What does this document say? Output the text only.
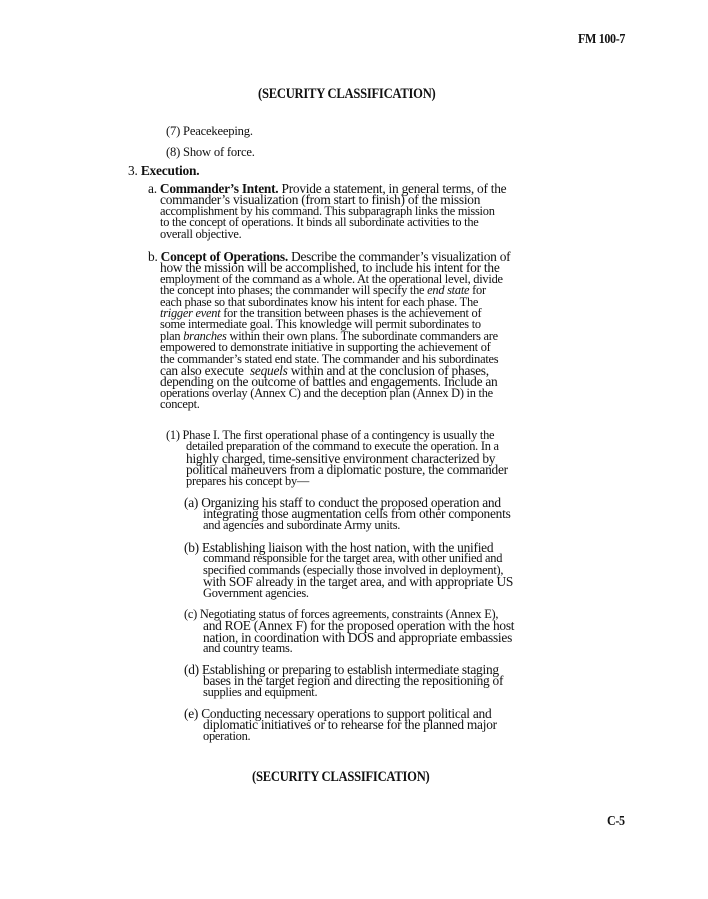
FM 100-7
(SECURITY CLASSIFICATION)
(7) Peacekeeping.
(8) Show of force.
3. Execution.
a. Commander’s Intent. Provide a statement, in general terms, of the
commander’s visualization (from start to finish) of the mission
accomplishment by his command. This subparagraph links the mission
to the concept of operations. It binds all subordinate activities to the
overall objective.
b. Concept of Operations. Describe the commander’s visualization of
how the mission will be accomplished, to include his intent for the
employment of the command as a whole. At the operational level, divide
the concept into phases; the commander will specify the end state for
each phase so that subordinates know his intent for each phase. The
trigger event for the transition between phases is the achievement of
some intermediate goal. This knowledge will permit subordinates to
plan branches within their own plans. The subordinate commanders are
empowered to demonstrate initiative in supporting the achievement of
the commander’s stated end state. The commander and his subordinates
can also execute sequels within and at the conclusion of phases,
depending on the outcome of battles and engagements. Include an
operations overlay (Annex C) and the deception plan (Annex D) in the
concept.
(1) Phase I. The first operational phase of a contingency is usually the
detailed preparation of the command to execute the operation. In a
highly charged, time-sensitive environment characterized by
political maneuvers from a diplomatic posture, the commander
prepares his concept by—
(a) Organizing his staff to conduct the proposed operation and
integrating those augmentation cells from other components
and agencies and subordinate Army units.
(b) Establishing liaison with the host nation, with the unified
command responsible for the target area, with other unified and
specified commands (especially those involved in deployment),
with SOF already in the target area, and with appropriate US
Government agencies.
(c) Negotiating status of forces agreements, constraints (Annex E),
and ROE (Annex F) for the proposed operation with the host
nation, in coordination with DOS and appropriate embassies
and country teams.
(d) Establishing or preparing to establish intermediate staging
bases in the target region and directing the repositioning of
supplies and equipment.
(e) Conducting necessary operations to support political and
diplomatic initiatives or to rehearse for the planned major
operation.
(SECURITY CLASSIFICATION)
C-5
